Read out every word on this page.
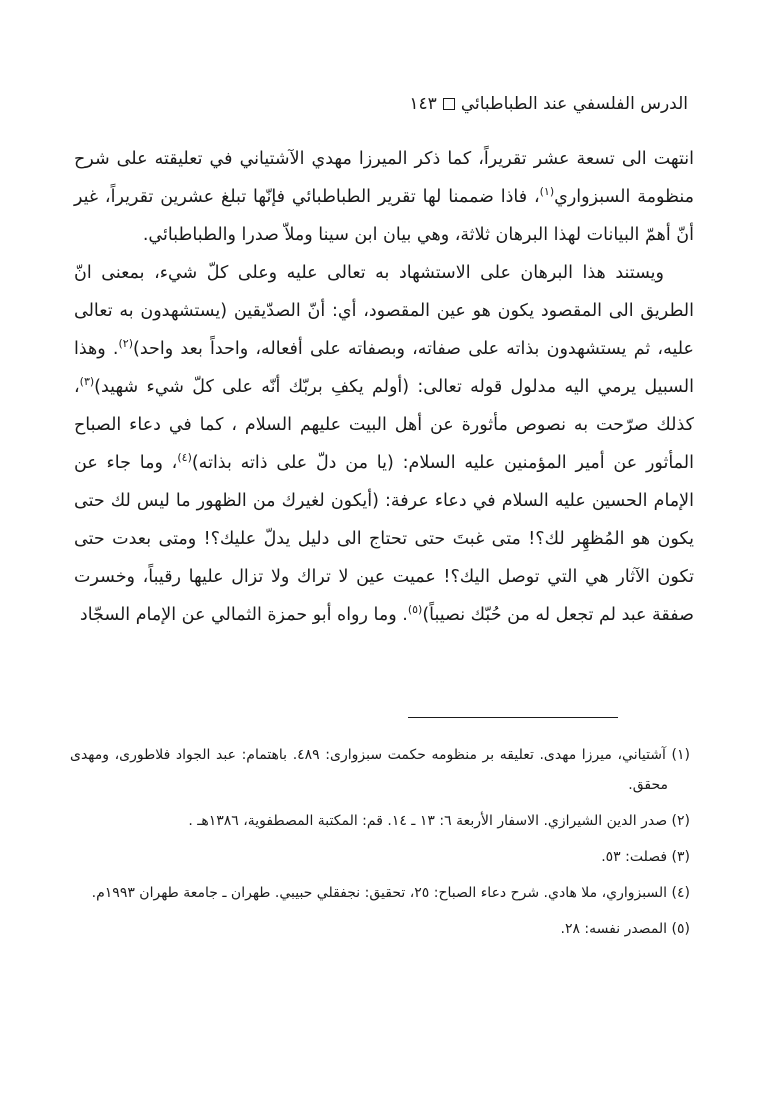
الدرس الفلسفي عند الطباطبائي١٤٣

انتهت الى تسعة عشر تقريراً، كما ذكر الميرزا مهدي الآشتياني في تعليقته على شرح منظومة السبزواري$^{(١)}$، فاذا ضممنا لها تقرير الطباطبائي فإنّها تبلغ عشرين تقريراً، غير أنّ أهمّ البيانات لهذا البرهان ثلاثة، وهي بيان ابن سينا وملاّ صدرا والطباطبائي.

ويستند هذا البرهان على الاستشهاد به تعالى عليه وعلى كلّ شيء، بمعنى انّ الطريق الى المقصود يكون هو عين المقصود، أي: أنّ الصدّيقين (يستشهدون به تعالى عليه، ثم يستشهدون بذاته على صفاته، وبصفاته على أفعاله، واحداً بعد واحد)$^{(٢)}$. وهذا السبيل يرمي اليه مدلول قوله تعالى: (أولم يكفِ بربّك أنّه على كلّ شيء شهيد)$^{(٣)}$، كذلك صرّحت به نصوص مأثورة عن أهل البيت عليهم السلام ، كما في دعاء الصباح المأثور عن أمير المؤمنين عليه السلام: (يا من دلّ على ذاته بذاته)$^{(٤)}$، وما جاء عن الإمام الحسين عليه السلام في دعاء عرفة: (أيكون لغيرك من الظهور ما ليس لك حتى يكون هو المُظهِر لك؟! متى غبتَ حتى تحتاج الى دليل يدلّ عليك؟! ومتى بعدت حتى تكون الآثار هي التي توصل اليك؟! عميت عين لا تراك ولا تزال عليها رقيباً، وخسرت صفقة عبد لم تجعل له من حُبّك نصيباً)$^{(٥)}$. وما رواه أبو حمزة الثمالي عن الإمام السجّاد

(١) آشتياني، ميرزا مهدى. تعليقه بر منظومه حكمت سبزوارى: ٤٨٩. باهتمام: عبد الجواد فلاطورى، ومهدى محقق.

(٢) صدر الدين الشيرازي. الاسفار الأربعة ٦: ١٣ ـ ١٤. قم: المكتبة المصطفوية، ١٣٨٦هـ .

(٣) فصلت: ٥٣.

(٤) السبزواري، ملا هادي. شرح دعاء الصباح: ٢٥، تحقيق: نجفقلي حبيبي. طهران ـ جامعة طهران ١٩٩٣م.

(٥) المصدر نفسه: ٢٨.
